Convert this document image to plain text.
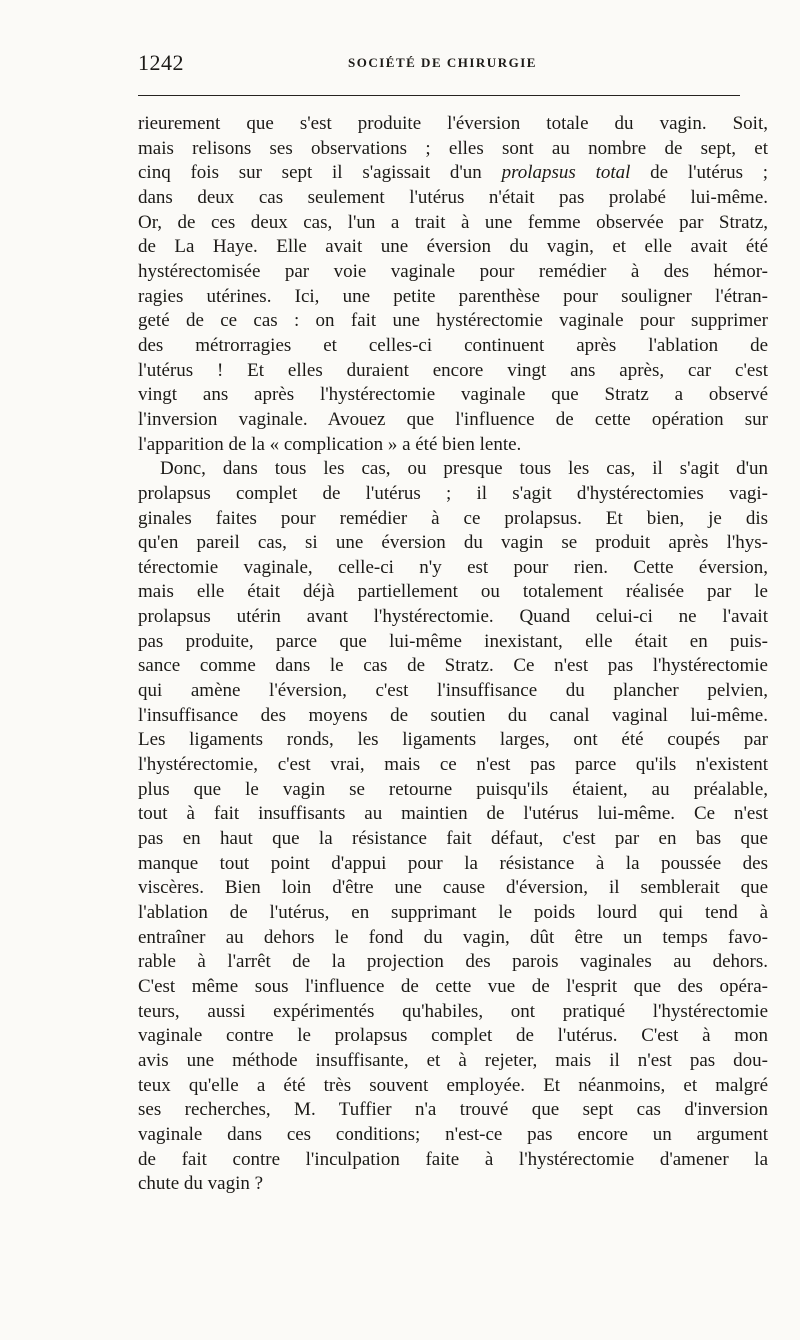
1242	SOCIÉTÉ DE CHIRURGIE
rieurement que s'est produite l'éversion totale du vagin. Soit,
mais relisons ses observations ; elles sont au nombre de sept, et
cinq fois sur sept il s'agissait d'un prolapsus total de l'utérus ;
dans deux cas seulement l'utérus n'était pas prolabé lui-même.
Or, de ces deux cas, l'un a trait à une femme observée par Stratz,
de La Haye. Elle avait une éversion du vagin, et elle avait été
hystérectomisée par voie vaginale pour remédier à des hémor-
ragies utérines. Ici, une petite parenthèse pour souligner l'étran-
geté de ce cas : on fait une hystérectomie vaginale pour supprimer
des métrorragies et celles-ci continuent après l'ablation de
l'utérus ! Et elles duraient encore vingt ans après, car c'est
vingt ans après l'hystérectomie vaginale que Stratz a observé
l'inversion vaginale. Avouez que l'influence de cette opération sur
l'apparition de la « complication » a été bien lente.
Donc, dans tous les cas, ou presque tous les cas, il s'agit d'un
prolapsus complet de l'utérus ; il s'agit d'hystérectomies vagi-
ginales faites pour remédier à ce prolapsus. Et bien, je dis
qu'en pareil cas, si une éversion du vagin se produit après l'hys-
térectomie vaginale, celle-ci n'y est pour rien. Cette éversion,
mais elle était déjà partiellement ou totalement réalisée par le
prolapsus utérin avant l'hystérectomie. Quand celui-ci ne l'avait
pas produite, parce que lui-même inexistant, elle était en puis-
sance comme dans le cas de Stratz. Ce n'est pas l'hystérectomie
qui amène l'éversion, c'est l'insuffisance du plancher pelvien,
l'insuffisance des moyens de soutien du canal vaginal lui-même.
Les ligaments ronds, les ligaments larges, ont été coupés par
l'hystérectomie, c'est vrai, mais ce n'est pas parce qu'ils n'existent
plus que le vagin se retourne puisqu'ils étaient, au préalable,
tout à fait insuffisants au maintien de l'utérus lui-même. Ce n'est
pas en haut que la résistance fait défaut, c'est par en bas que
manque tout point d'appui pour la résistance à la poussée des
viscères. Bien loin d'être une cause d'éversion, il semblerait que
l'ablation de l'utérus, en supprimant le poids lourd qui tend à
entraîner au dehors le fond du vagin, dût être un temps favo-
rable à l'arrêt de la projection des parois vaginales au dehors.
C'est même sous l'influence de cette vue de l'esprit que des opéra-
teurs, aussi expérimentés qu'habiles, ont pratiqué l'hystérectomie
vaginale contre le prolapsus complet de l'utérus. C'est à mon
avis une méthode insuffisante, et à rejeter, mais il n'est pas dou-
teux qu'elle a été très souvent employée. Et néanmoins, et malgré
ses recherches, M. Tuffier n'a trouvé que sept cas d'inversion
vaginale dans ces conditions; n'est-ce pas encore un argument
de fait contre l'inculpation faite à l'hystérectomie d'amener la
chute du vagin ?
